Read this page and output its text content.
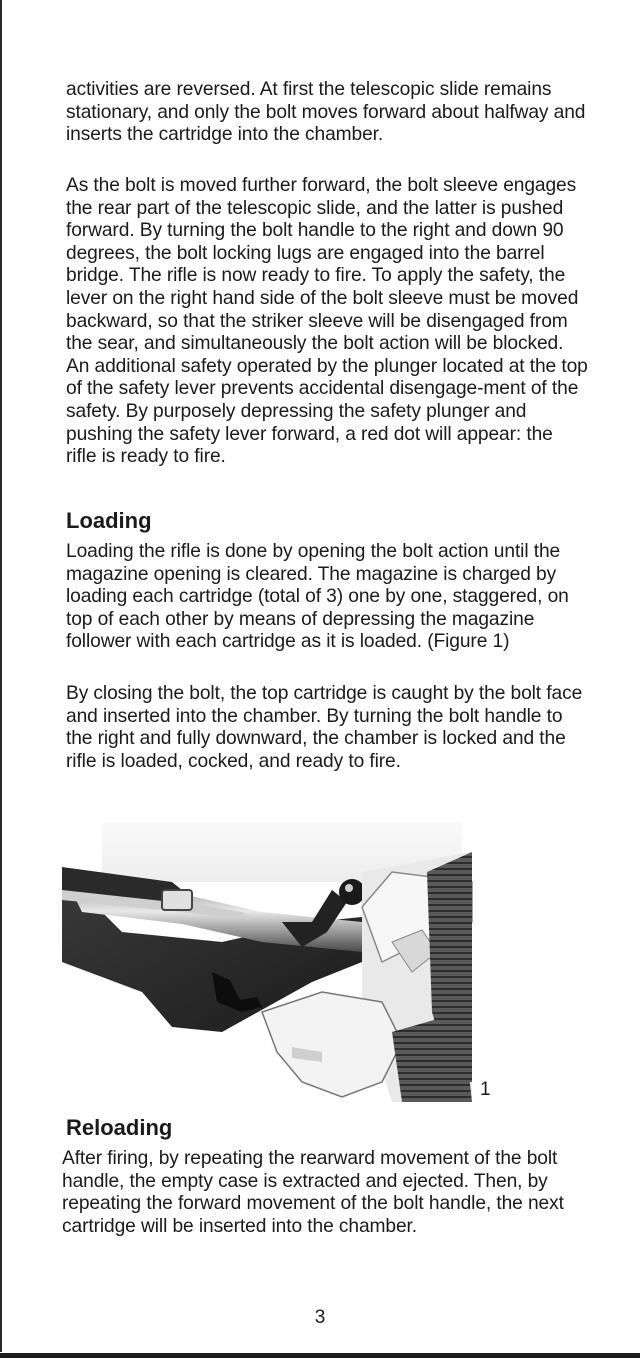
activities are reversed. At first the telescopic slide remains stationary, and only the bolt moves forward about halfway and inserts the cartridge into the chamber.

As the bolt is moved further forward, the bolt sleeve engages the rear part of the telescopic slide, and the latter is pushed forward. By turning the bolt handle to the right and down 90 degrees, the bolt locking lugs are engaged into the barrel bridge. The rifle is now ready to fire. To apply the safety, the lever on the right hand side of the bolt sleeve must be moved backward, so that the striker sleeve will be disengaged from the sear, and simultaneously the bolt action will be blocked. An additional safety operated by the plunger located at the top of the safety lever prevents accidental disengage-ment of the safety. By purposely depressing the safety plunger and pushing the safety lever forward, a red dot will appear: the rifle is ready to fire.

Loading

Loading the rifle is done by opening the bolt action until the magazine opening is cleared. The magazine is charged by loading each cartridge (total of 3) one by one, staggered, on top of each other by means of depressing the magazine follower with each cartridge as it is loaded. (Figure 1)

By closing the bolt, the top cartridge is caught by the bolt face and inserted into the chamber. By turning the bolt handle to the right and fully downward, the chamber is locked and the rifle is loaded, cocked, and ready to fire.

1
Reloading

After firing, by repeating the rearward movement of the bolt handle, the empty case is extracted and ejected. Then, by repeating the forward movement of the bolt handle, the next cartridge will be inserted into the chamber.

3
